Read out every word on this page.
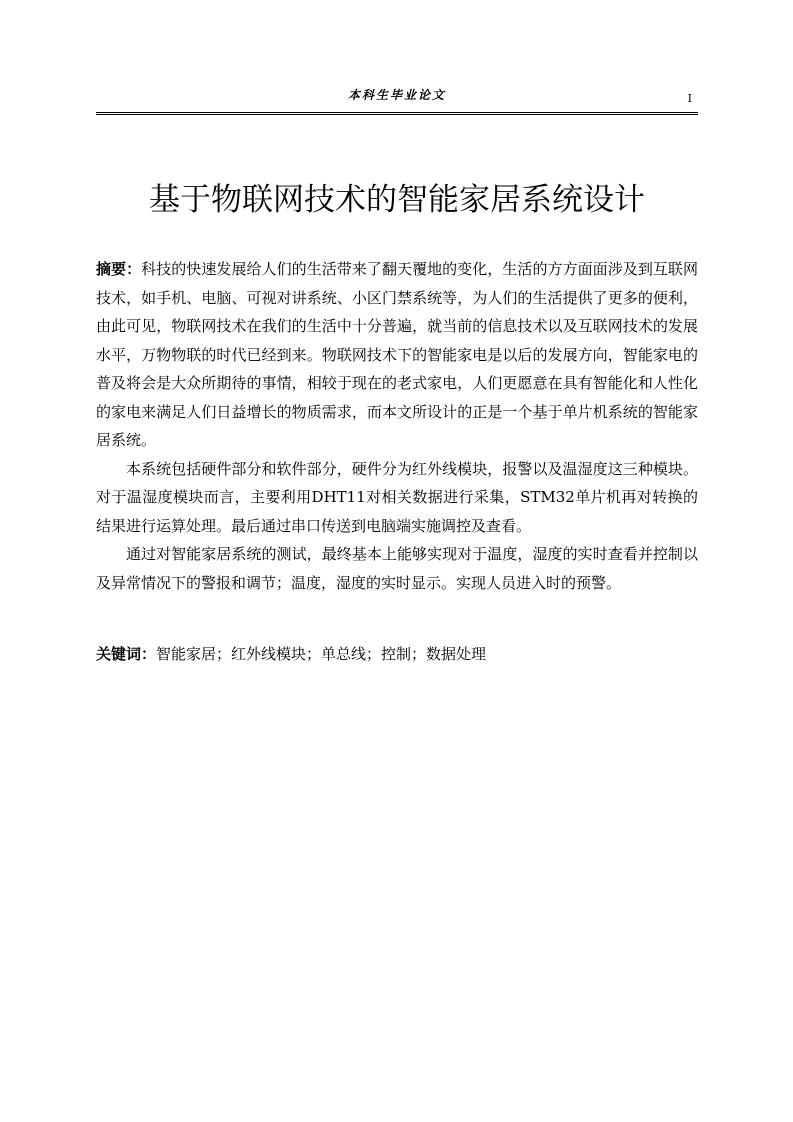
本科生毕业论文	I
基于物联网技术的智能家居系统设计

摘要：科技的快速发展给人们的生活带来了翻天覆地的变化，生活的方方面面涉及到互联网技术，如手机、电脑、可视对讲系统、小区门禁系统等，为人们的生活提供了更多的便利，由此可见，物联网技术在我们的生活中十分普遍，就当前的信息技术以及互联网技术的发展水平，万物物联的时代已经到来。物联网技术下的智能家电是以后的发展方向，智能家电的普及将会是大众所期待的事情，相较于现在的老式家电，人们更愿意在具有智能化和人性化的家电来满足人们日益增长的物质需求，而本文所设计的正是一个基于单片机系统的智能家居系统。

本系统包括硬件部分和软件部分，硬件分为红外线模块，报警以及温湿度这三种模块。对于温湿度模块而言，主要利用DHT11对相关数据进行采集，STM32单片机再对转换的结果进行运算处理。最后通过串口传送到电脑端实施调控及查看。

通过对智能家居系统的测试，最终基本上能够实现对于温度，湿度的实时查看并控制以及异常情况下的警报和调节；温度，湿度的实时显示。实现人员进入时的预警。

关键词：智能家居；红外线模块；单总线；控制；数据处理
